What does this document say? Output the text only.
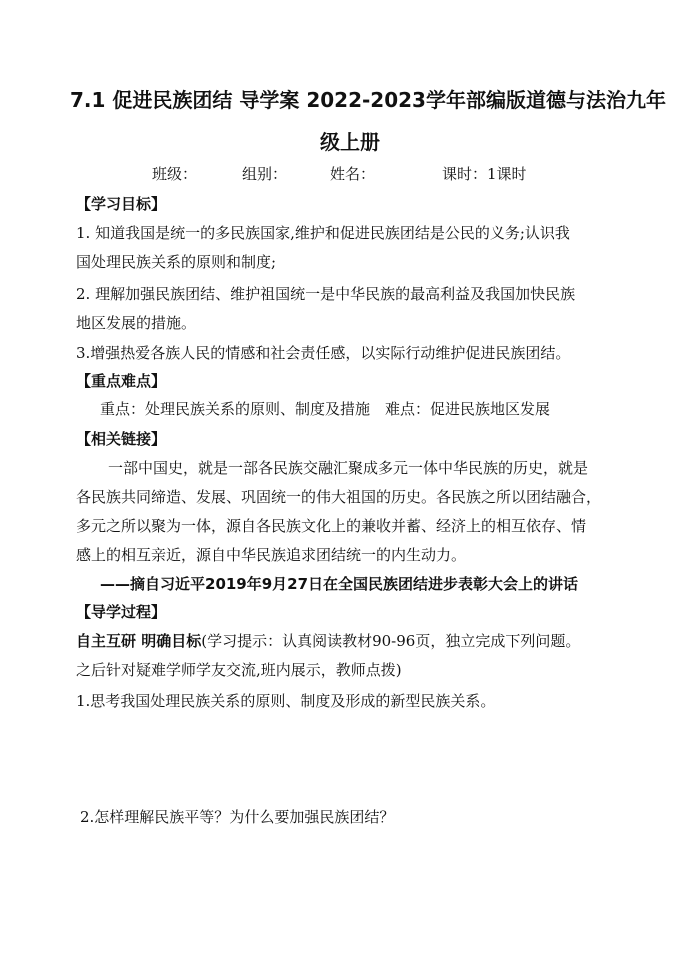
7.1 促进民族团结 导学案 2022-2023学年部编版道德与法治九年
级上册
班级：	组别：	姓名：	课时：1课时
【学习目标】
1. 知道我国是统一的多民族国家,维护和促进民族团结是公民的义务;认识我
国处理民族关系的原则和制度;
2. 理解加强民族团结、维护祖国统一是中华民族的最高利益及我国加快民族
地区发展的措施。
3.增强热爱各族人民的情感和社会责任感，以实际行动维护促进民族团结。
【重点难点】
重点：处理民族关系的原则、制度及措施　难点：促进民族地区发展
【相关链接】
一部中国史，就是一部各民族交融汇聚成多元一体中华民族的历史，就是
各民族共同缔造、发展、巩固统一的伟大祖国的历史。各民族之所以团结融合，
多元之所以聚为一体，源自各民族文化上的兼收并蓄、经济上的相互依存、情
感上的相互亲近，源自中华民族追求团结统一的内生动力。
——摘自习近平2019年9月27日在全国民族团结进步表彰大会上的讲话
【导学过程】
自主互研 明确目标(学习提示：认真阅读教材90-96页，独立完成下列问题。
之后针对疑难学师学友交流,班内展示，教师点拨)
1.思考我国处理民族关系的原则、制度及形成的新型民族关系。
2.怎样理解民族平等？为什么要加强民族团结？
